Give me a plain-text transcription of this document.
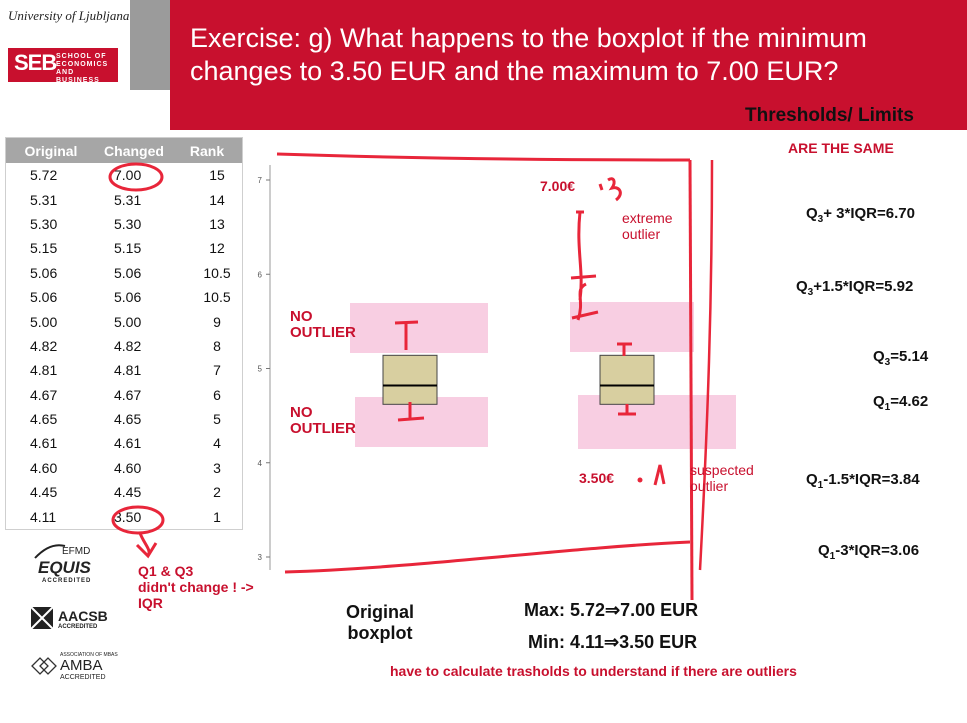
University of Ljubljana
SEB SCHOOL OF
ECONOMICS
AND BUSINESS
Exercise: g) What happens to the boxplot if the minimum
changes to 3.50 EUR and the maximum to 7.00 EUR?
Thresholds/ Limits
ARE THE SAME
Original	Changed	Rank
5.72	7.00	15
5.31	5.31	14
5.30	5.30	13
5.15	5.15	12
5.06	5.06	10.5
5.06	5.06	10.5
5.00	5.00	9
4.82	4.82	8
4.81	4.81	7
4.67	4.67	6
4.65	4.65	5
4.61	4.61	4
4.60	4.60	3
4.45	4.45	2
4.11	3.50	1
EFMD
EQUIS
ACCREDITED
AACSB
ACCREDITED
ASSOCIATION OF MBAS
AMBA
ACCREDITED
7
6
5
4
3
Q1 & Q3
didn't change ! ->
IQR
NO
OUTLIER
NO
OUTLIER
7.00€
extreme
outlier
3.50€	suspected
outlier
$Q_3+ 3*IQR=6.70$
$Q_3+1.5*IQR=5.92$
$Q_3=5.14$
$Q_1=4.62$
$Q_1-1.5*IQR=3.84$
$Q_1-3*IQR=3.06$
Original
boxplot
Max: 5.72⇒7.00 EUR
Min: 4.11⇒3.50 EUR
have to calculate trasholds to understand if there are outliers
